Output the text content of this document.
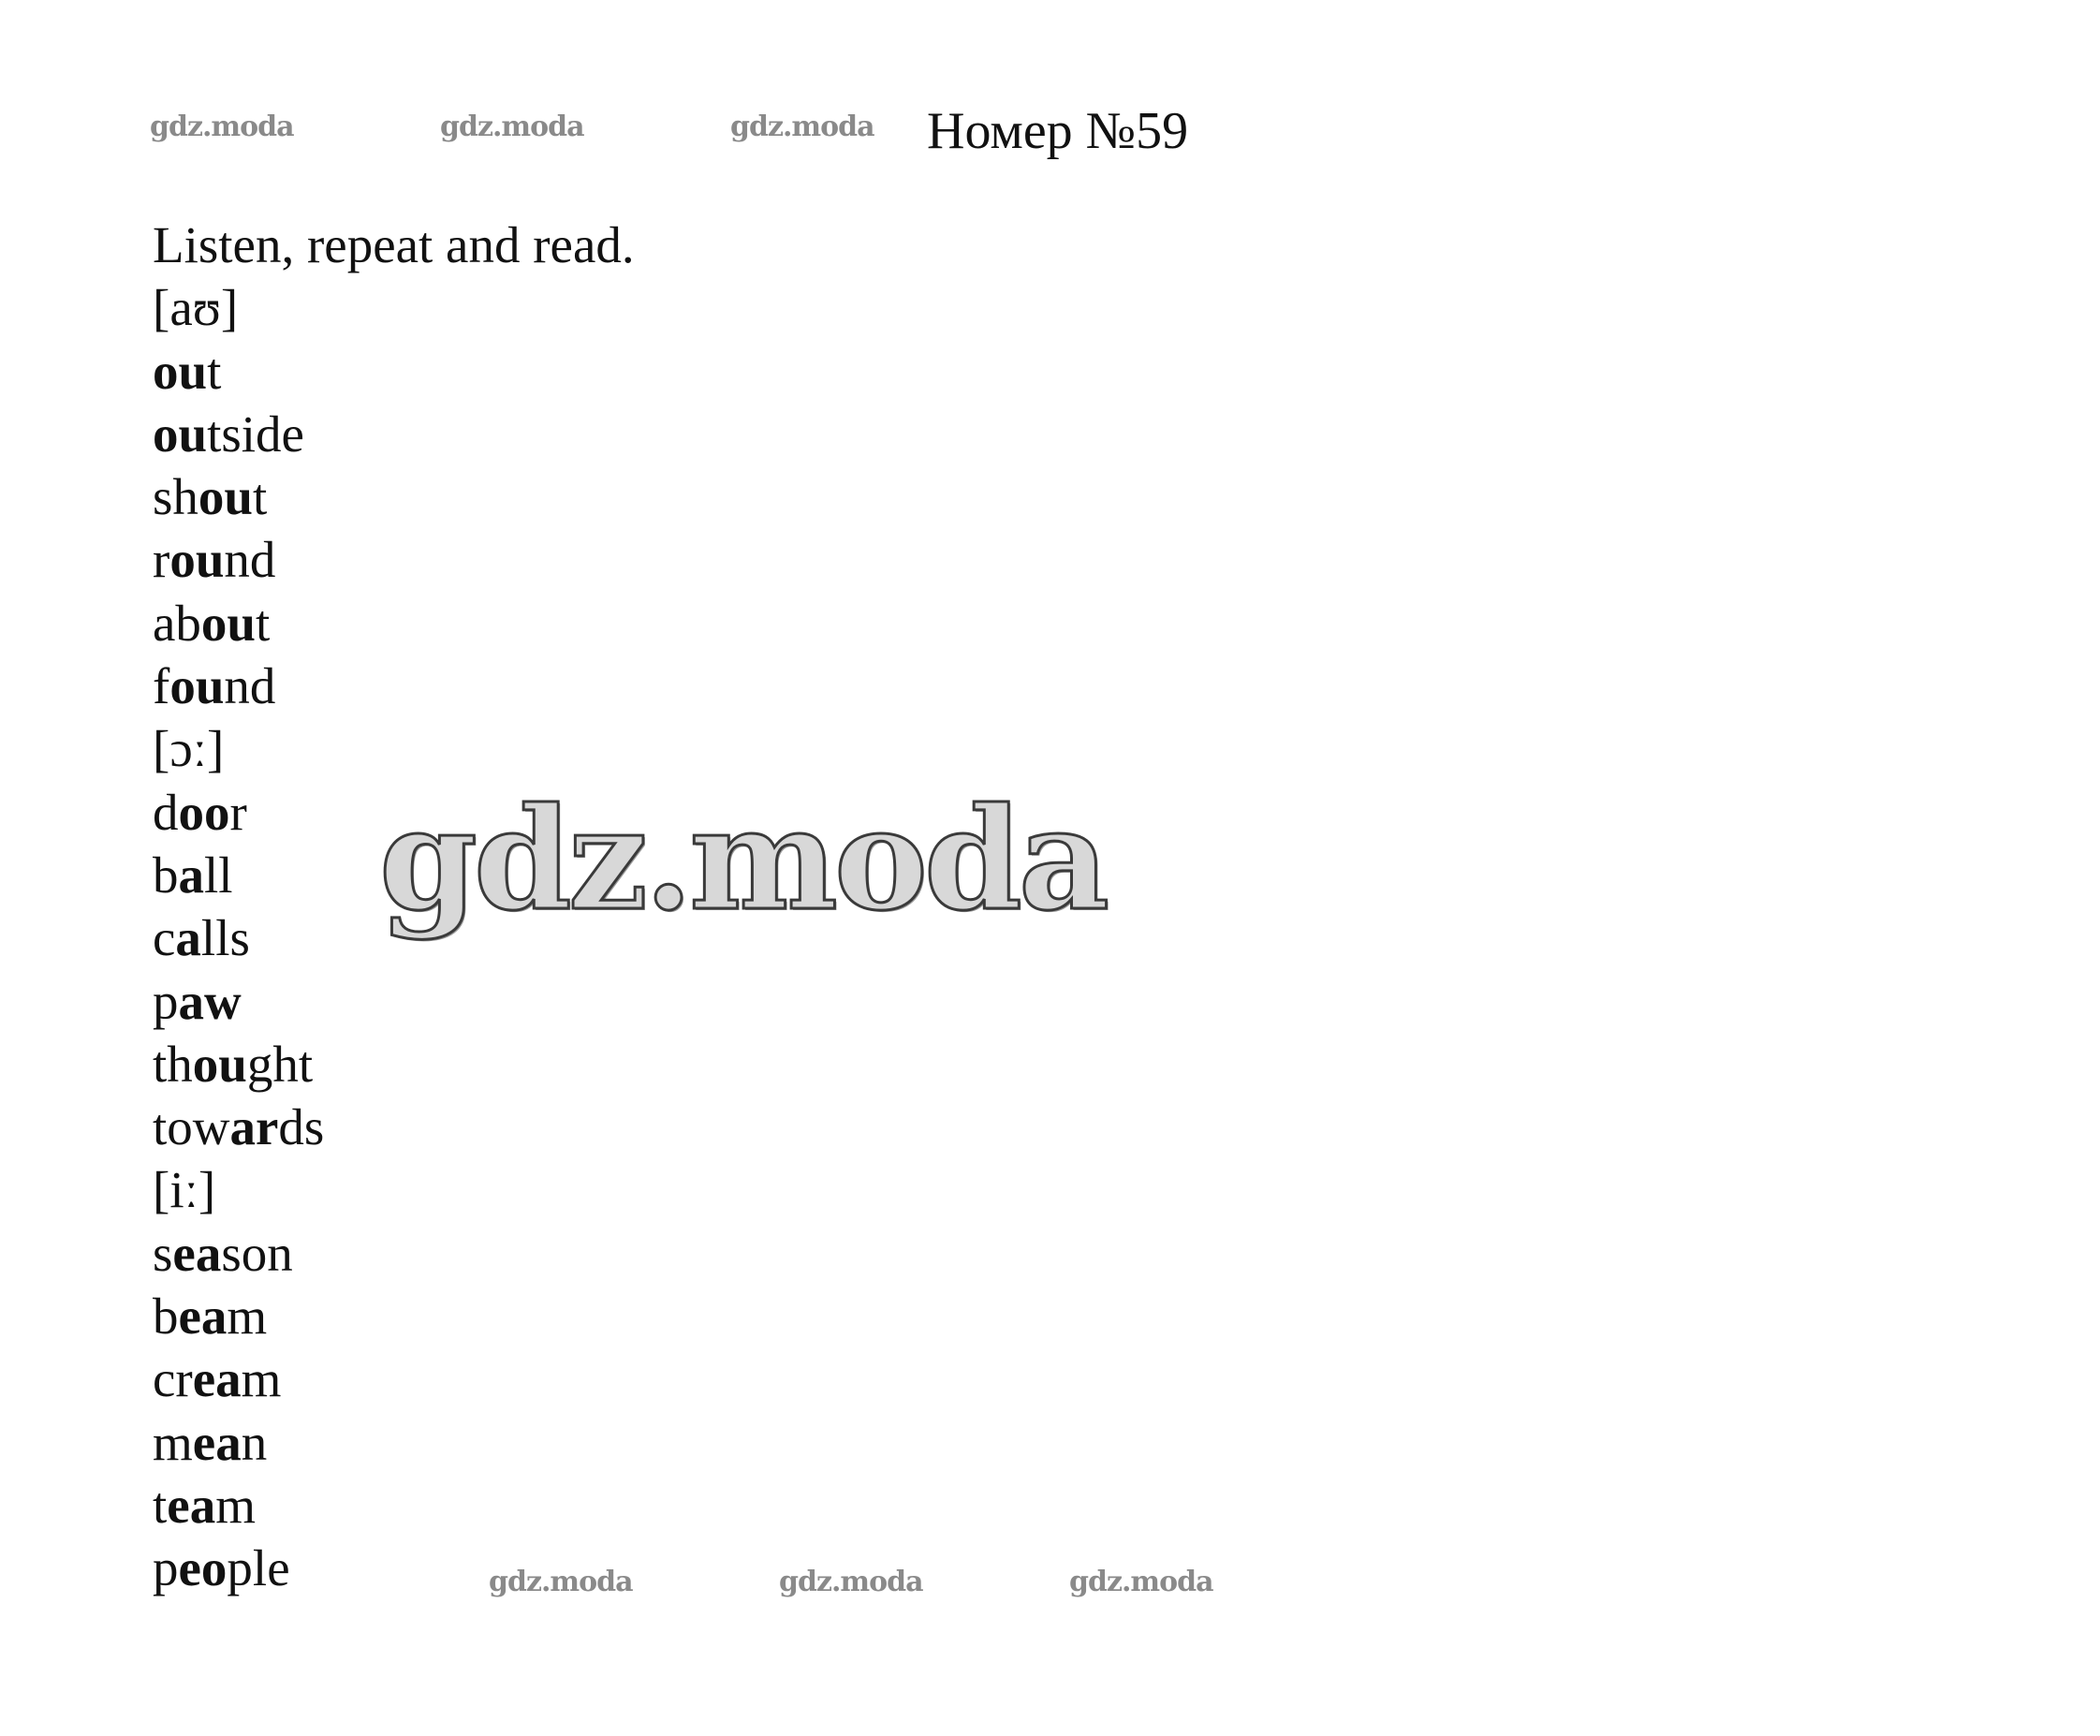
gdz.moda	gdz.moda	gdz.moda
gdz.moda	gdz.moda	gdz.moda
gdz.moda
Номер №59
Listen, repeat and read.
[aʊ]
out
outside
shout
round
about
found
[ɔː]
door
ball
calls
paw
thought
towards
[iː]
season
beam
cream
mean
team
people
